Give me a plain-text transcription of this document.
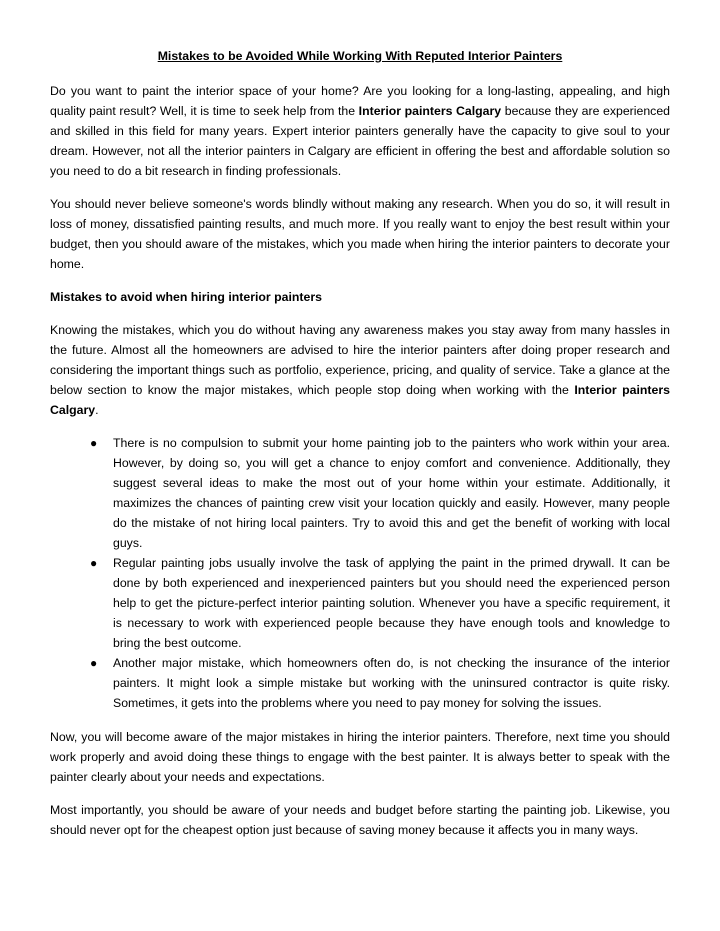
Mistakes to be Avoided While Working With Reputed Interior Painters

Do you want to paint the interior space of your home? Are you looking for a long-lasting, appealing, and high quality paint result? Well, it is time to seek help from the Interior painters Calgary because they are experienced and skilled in this field for many years. Expert interior painters generally have the capacity to give soul to your dream. However, not all the interior painters in Calgary are efficient in offering the best and affordable solution so you need to do a bit research in finding professionals.

You should never believe someone's words blindly without making any research. When you do so, it will result in loss of money, dissatisfied painting results, and much more. If you really want to enjoy the best result within your budget, then you should aware of the mistakes, which you made when hiring the interior painters to decorate your home.

Mistakes to avoid when hiring interior painters

Knowing the mistakes, which you do without having any awareness makes you stay away from many hassles in the future. Almost all the homeowners are advised to hire the interior painters after doing proper research and considering the important things such as portfolio, experience, pricing, and quality of service. Take a glance at the below section to know the major mistakes, which people stop doing when working with the Interior painters Calgary.

● There is no compulsion to submit your home painting job to the painters who work within your area. However, by doing so, you will get a chance to enjoy comfort and convenience. Additionally, they suggest several ideas to make the most out of your home within your estimate. Additionally, it maximizes the chances of painting crew visit your location quickly and easily. However, many people do the mistake of not hiring local painters. Try to avoid this and get the benefit of working with local guys.
● Regular painting jobs usually involve the task of applying the paint in the primed drywall. It can be done by both experienced and inexperienced painters but you should need the experienced person help to get the picture-perfect interior painting solution. Whenever you have a specific requirement, it is necessary to work with experienced people because they have enough tools and knowledge to bring the best outcome.
● Another major mistake, which homeowners often do, is not checking the insurance of the interior painters. It might look a simple mistake but working with the uninsured contractor is quite risky. Sometimes, it gets into the problems where you need to pay money for solving the issues.

Now, you will become aware of the major mistakes in hiring the interior painters. Therefore, next time you should work properly and avoid doing these things to engage with the best painter. It is always better to speak with the painter clearly about your needs and expectations.

Most importantly, you should be aware of your needs and budget before starting the painting job. Likewise, you should never opt for the cheapest option just because of saving money because it affects you in many ways.
